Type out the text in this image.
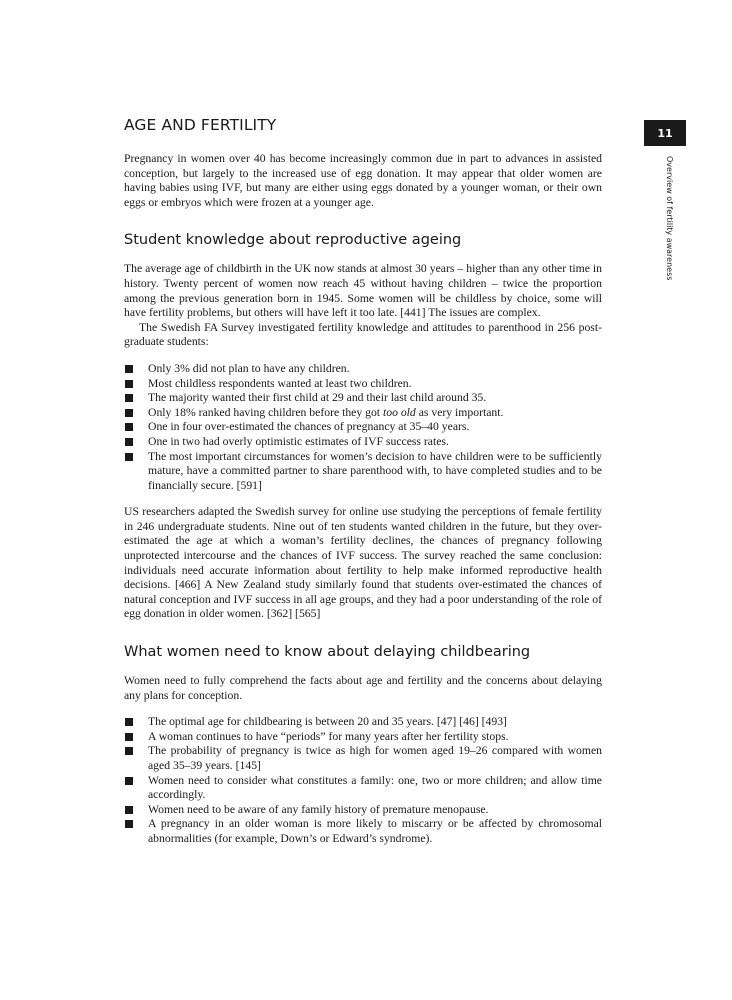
11
Overview of fertility awareness
AGE AND FERTILITY

Pregnancy in women over 40 has become increasingly common due in part to advances in assisted conception, but largely to the increased use of egg donation. It may appear that older women are having babies using IVF, but many are either using eggs donated by a younger woman, or their own eggs or embryos which were frozen at a younger age.

Student knowledge about reproductive ageing

The average age of childbirth in the UK now stands at almost 30 years – higher than any other time in history. Twenty percent of women now reach 45 without having children – twice the proportion among the previous generation born in 1945. Some women will be childless by choice, some will have fertility problems, but others will have left it too late. [441] The issues are complex.

The Swedish FA Survey investigated fertility knowledge and attitudes to parenthood in 256 post-graduate students:

Only 3% did not plan to have any children.
Most childless respondents wanted at least two children.
The majority wanted their first child at 29 and their last child around 35.
Only 18% ranked having children before they got too old as very important.
One in four over-estimated the chances of pregnancy at 35–40 years.
One in two had overly optimistic estimates of IVF success rates.
The most important circumstances for women’s decision to have children were to be sufficiently mature, have a committed partner to share parenthood with, to have completed studies and to be financially secure. [591]

US researchers adapted the Swedish survey for online use studying the perceptions of female fertility in 246 undergraduate students. Nine out of ten students wanted children in the future, but they over-estimated the age at which a woman’s fertility declines, the chances of pregnancy following unprotected intercourse and the chances of IVF success. The survey reached the same conclusion: individuals need accurate information about fertility to help make informed reproductive health decisions. [466] A New Zealand study similarly found that students over-estimated the chances of natural conception and IVF success in all age groups, and they had a poor understanding of the role of egg donation in older women. [362] [565]

What women need to know about delaying childbearing

Women need to fully comprehend the facts about age and fertility and the concerns about delaying any plans for conception.

The optimal age for childbearing is between 20 and 35 years. [47] [46] [493]
A woman continues to have “periods” for many years after her fertility stops.
The probability of pregnancy is twice as high for women aged 19–26 compared with women aged 35–39 years. [145]
Women need to consider what constitutes a family: one, two or more children; and allow time accordingly.
Women need to be aware of any family history of premature menopause.
A pregnancy in an older woman is more likely to miscarry or be affected by chromosomal abnormalities (for example, Down’s or Edward’s syndrome).
